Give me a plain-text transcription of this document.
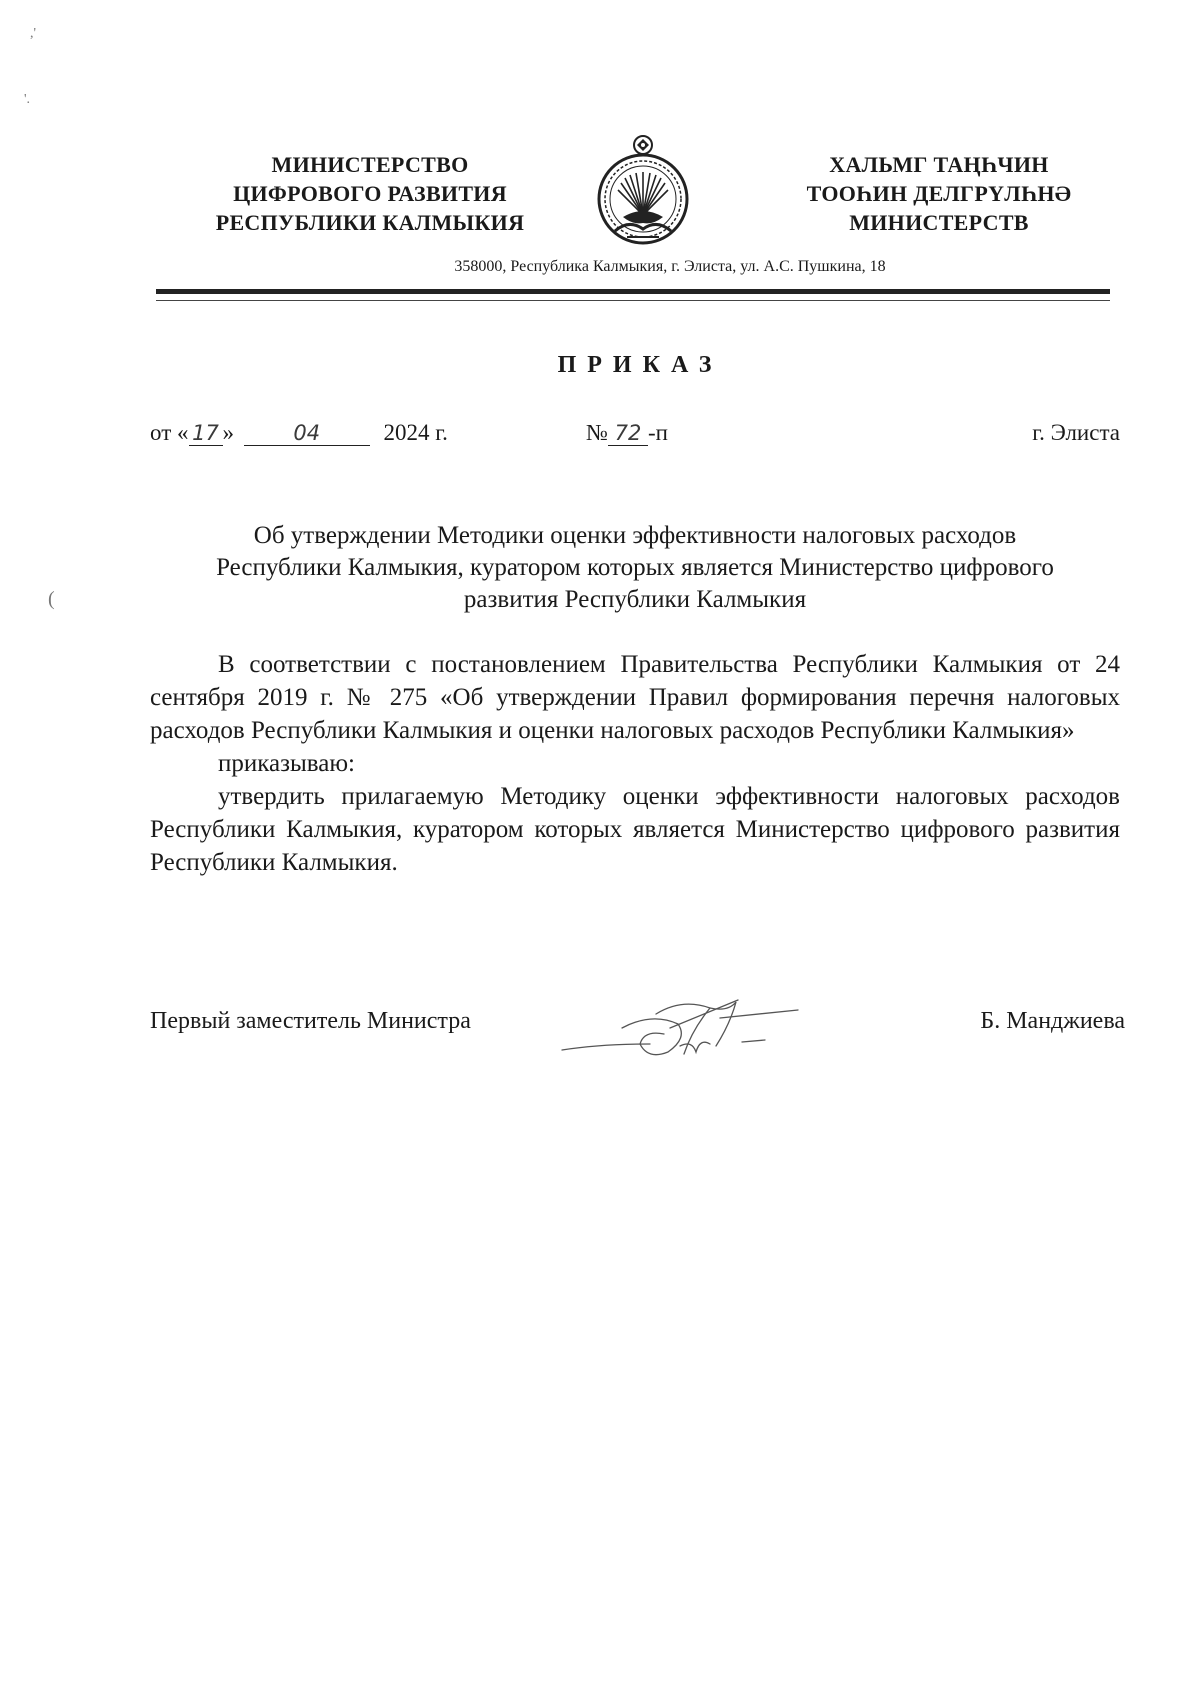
,'
'.
(
МИНИСТЕРСТВО
ЦИФРОВОГО РАЗВИТИЯ
РЕСПУБЛИКИ КАЛМЫКИЯ
ХАЛЬМГ ТАҢҺЧИН
ТООҺИН ДЕЛГРҮЛҺНӘ
МИНИСТЕРСТВ
358000, Республика Калмыкия, г. Элиста, ул. А.С. Пушкина, 18
ПРИКАЗ
от « 17 »	04	2024 г.	№ 72 -п	г. Элиста
Об утверждении Методики оценки эффективности налоговых расходов
Республики Калмыкия, куратором которых является Министерство цифрового
развития Республики Калмыкия

В соответствии с постановлением Правительства Республики Калмыкия от 24 сентября 2019 г. № 275 «Об утверждении Правил формирования перечня налоговых расходов Республики Калмыкия и оценки налоговых расходов Республики Калмыкия»

приказываю:

утвердить прилагаемую Методику оценки эффективности налоговых расходов Республики Калмыкия, куратором которых является Министерство цифрового развития Республики Калмыкия.

Первый заместитель Министра	Б. Манджиева
